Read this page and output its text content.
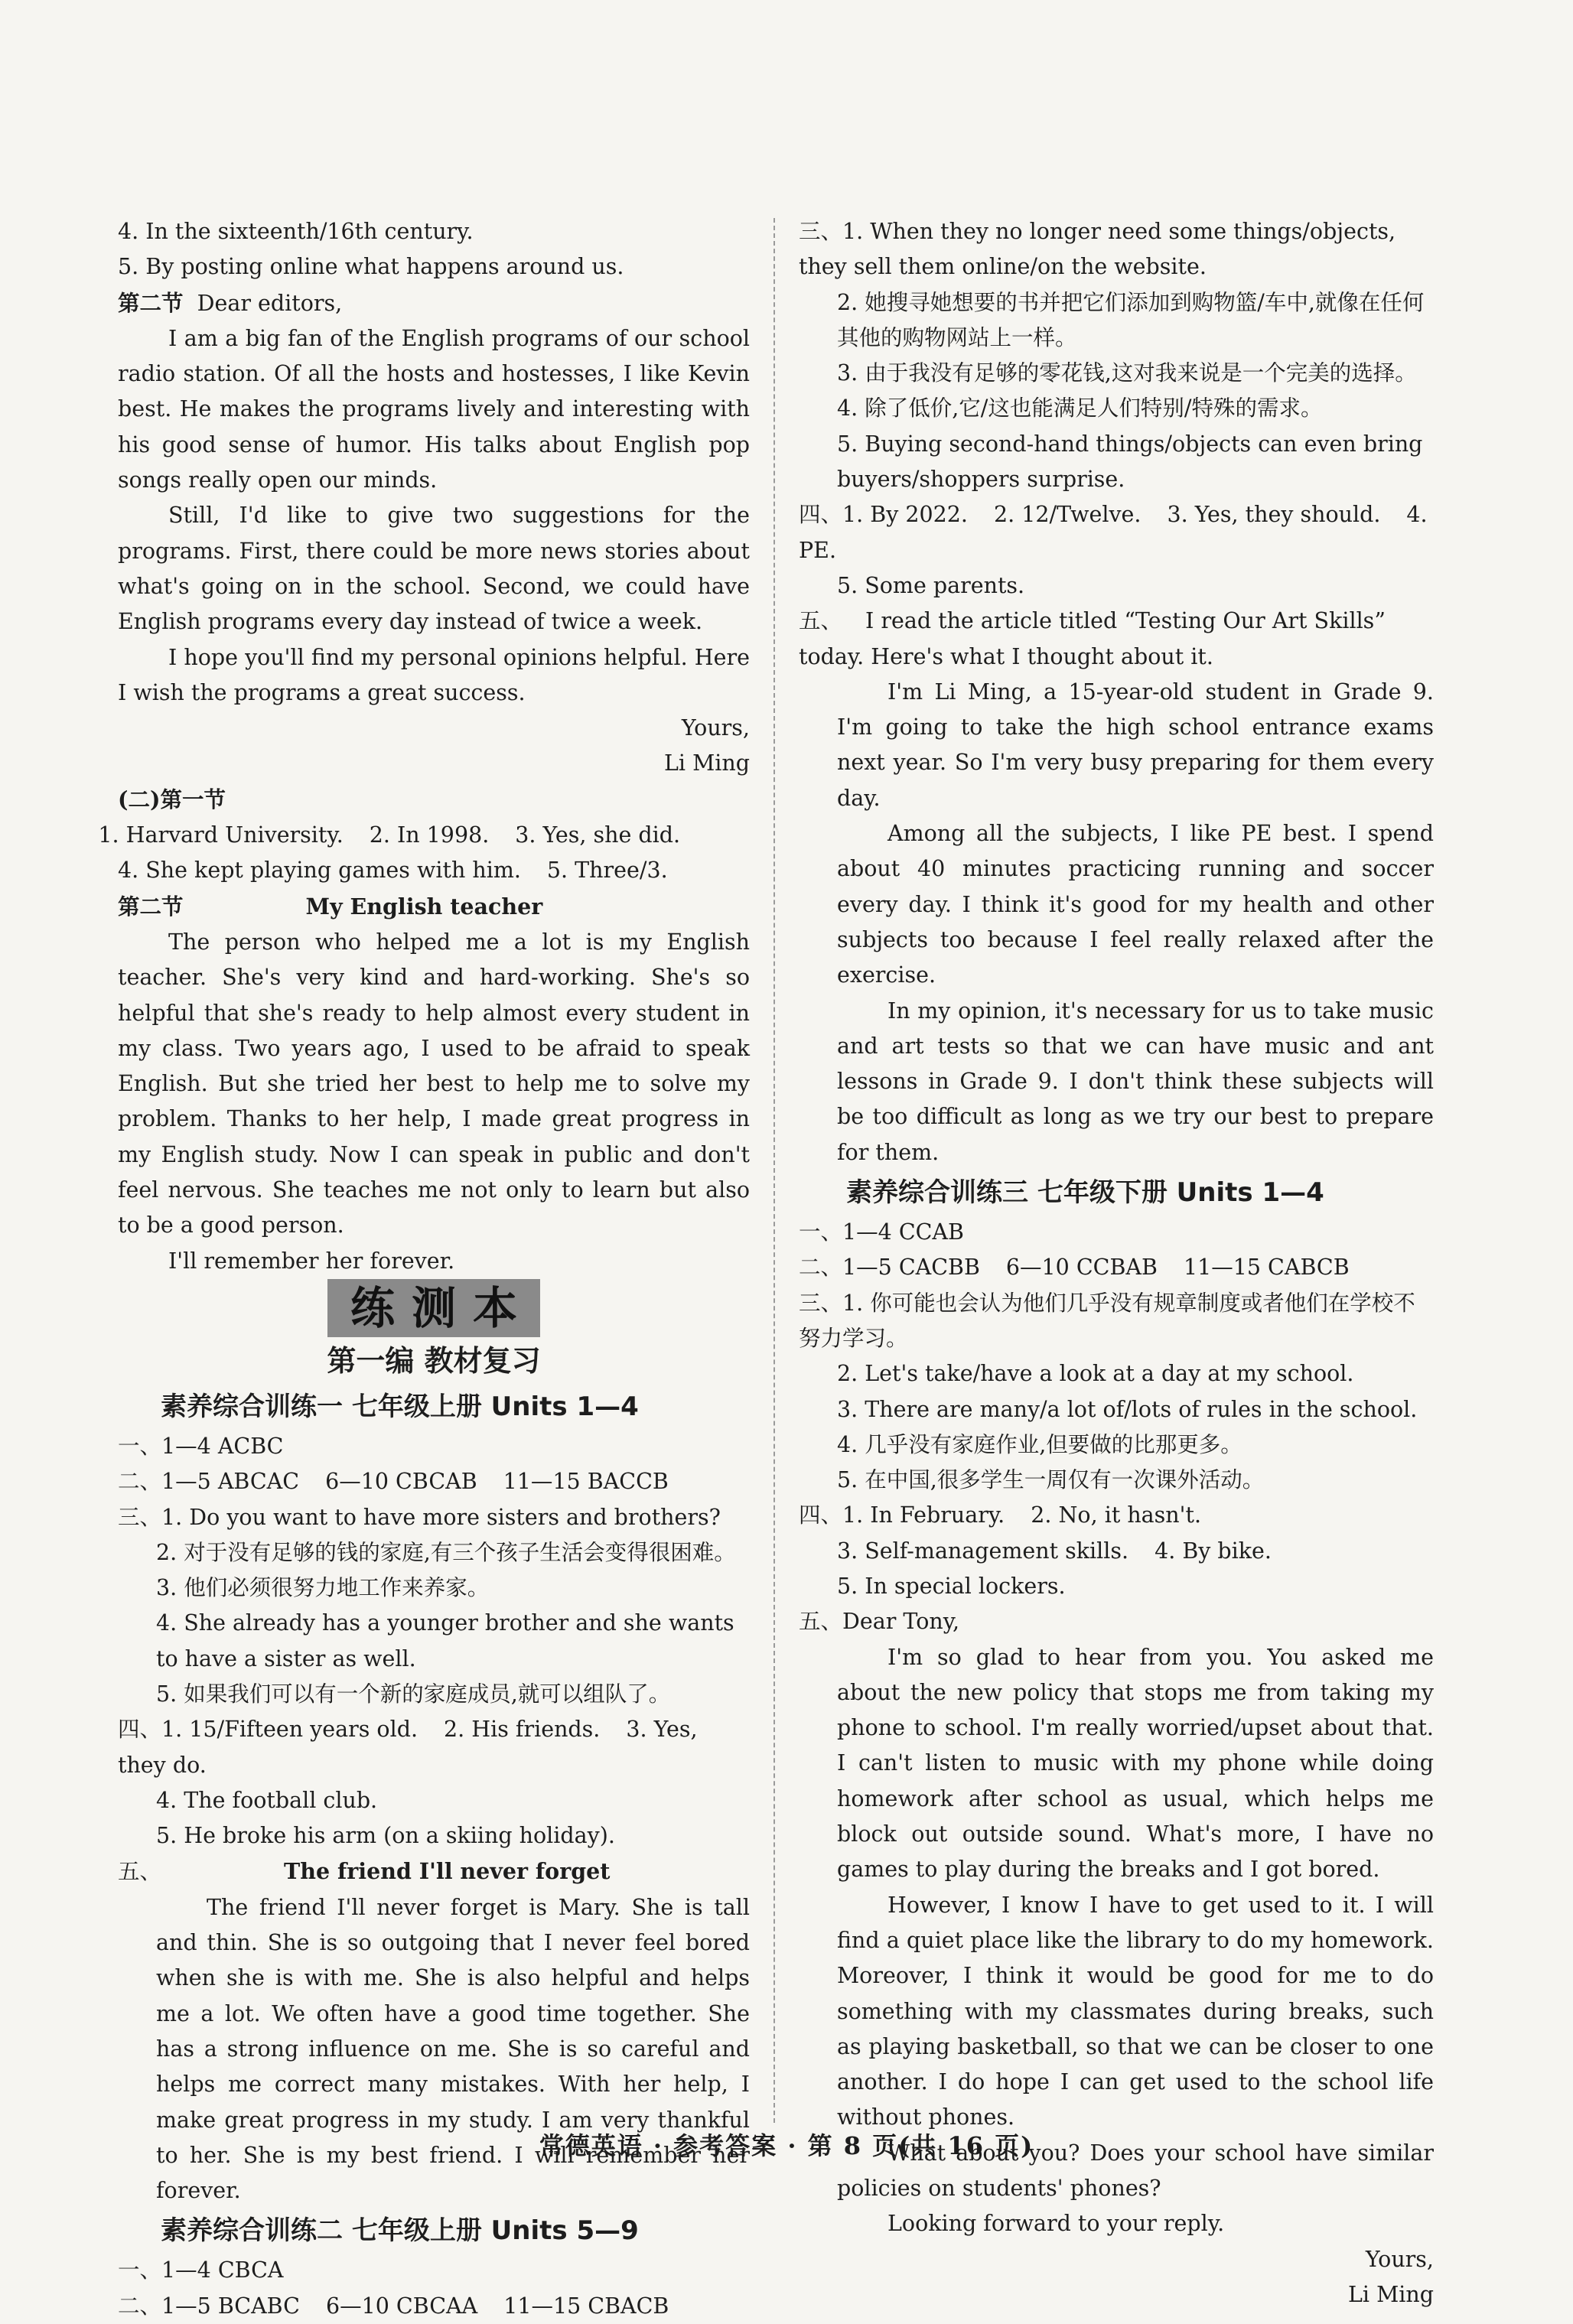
4. In the sixteenth/16th century.

5. By posting online what happens around us.

第二节 Dear editors,

I am a big fan of the English programs of our school radio station. Of all the hosts and hostesses, I like Kevin best. He makes the programs lively and interesting with his good sense of humor. His talks about English pop songs really open our minds.

Still, I'd like to give two suggestions for the programs. First, there could be more news stories about what's going on in the school. Second, we could have English programs every day instead of twice a week.

I hope you'll find my personal opinions helpful. Here I wish the programs a great success.

Yours,

Li Ming

(二)第一节

1. Harvard University. 2. In 1998. 3. Yes, she did.

4. She kept playing games with him. 5. Three/3.

第二节	My English teacher

The person who helped me a lot is my English teacher. She's very kind and hard-working. She's so helpful that she's ready to help almost every student in my class. Two years ago, I used to be afraid to speak English. But she tried her best to help me to solve my problem. Thanks to her help, I made great progress in my English study. Now I can speak in public and don't feel nervous. She teaches me not only to learn but also to be a good person.

I'll remember her forever.

练测本
第一编 教材复习
素养综合训练一 七年级上册 Units 1—4

一、1—4 ACBC

二、1—5 ABCAC 6—10 CBCAB 11—15 BACCB

三、1. Do you want to have more sisters and brothers?

2. 对于没有足够的钱的家庭,有三个孩子生活会变得很困难。

3. 他们必须很努力地工作来养家。

4. She already has a younger brother and she wants to have a sister as well.

5. 如果我们可以有一个新的家庭成员,就可以组队了。

四、1. 15/Fifteen years old. 2. His friends. 3. Yes, they do.

4. The football club.

5. He broke his arm (on a skiing holiday).

五、	The friend I'll never forget

The friend I'll never forget is Mary. She is tall and thin. She is so outgoing that I never feel bored when she is with me. She is also helpful and helps me a lot. We often have a good time together. She has a strong influence on me. She is so careful and helps me correct many mistakes. With her help, I make great progress in my study. I am very thankful to her. She is my best friend. I will remember her forever.

素养综合训练二 七年级上册 Units 5—9

一、1—4 CBCA

二、1—5 BCABC 6—10 CBCAA 11—15 CBACB

三、1. When they no longer need some things/objects, they sell them online/on the website.

2. 她搜寻她想要的书并把它们添加到购物篮/车中,就像在任何其他的购物网站上一样。

3. 由于我没有足够的零花钱,这对我来说是一个完美的选择。

4. 除了低价,它/这也能满足人们特别/特殊的需求。

5. Buying second-hand things/objects can even bring buyers/shoppers surprise.

四、1. By 2022. 2. 12/Twelve. 3. Yes, they should. 4. PE.

5. Some parents.

五、 I read the article titled “Testing Our Art Skills” today. Here's what I thought about it.

I'm Li Ming, a 15-year-old student in Grade 9. I'm going to take the high school entrance exams next year. So I'm very busy preparing for them every day.

Among all the subjects, I like PE best. I spend about 40 minutes practicing running and soccer every day. I think it's good for my health and other subjects too because I feel really relaxed after the exercise.

In my opinion, it's necessary for us to take music and art tests so that we can have music and ant lessons in Grade 9. I don't think these subjects will be too difficult as long as we try our best to prepare for them.

素养综合训练三 七年级下册 Units 1—4

一、1—4 CCAB

二、1—5 CACBB 6—10 CCBAB 11—15 CABCB

三、1. 你可能也会认为他们几乎没有规章制度或者他们在学校不努力学习。

2. Let's take/have a look at a day at my school.

3. There are many/a lot of/lots of rules in the school.

4. 几乎没有家庭作业,但要做的比那更多。

5. 在中国,很多学生一周仅有一次课外活动。

四、1. In February. 2. No, it hasn't.

3. Self-management skills. 4. By bike.

5. In special lockers.

五、Dear Tony,

I'm so glad to hear from you. You asked me about the new policy that stops me from taking my phone to school. I'm really worried/upset about that. I can't listen to music with my phone while doing homework after school as usual, which helps me block out outside sound. What's more, I have no games to play during the breaks and I got bored.

However, I know I have to get used to it. I will find a quiet place like the library to do my homework. Moreover, I think it would be good for me to do something with my classmates during breaks, such as playing basketball, so that we can be closer to one another. I do hope I can get used to the school life without phones.

What about you? Does your school have similar policies on students' phones?

Looking forward to your reply.

Yours,

Li Ming

常德英语 · 参考答案 · 第 8 页(共 16 页)
